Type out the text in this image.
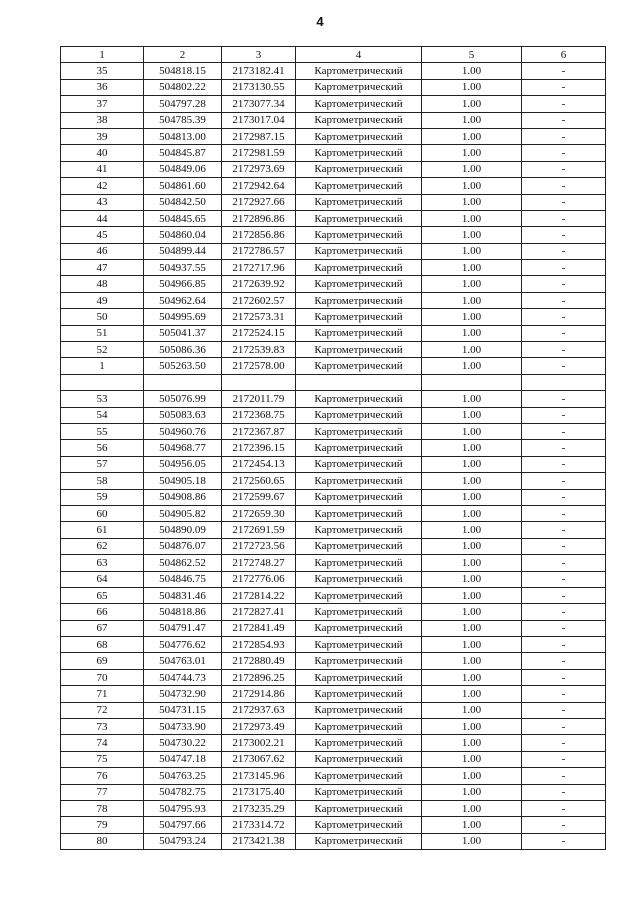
4
1	2	3	4	5	6
35	504818.15	2173182.41	Картометрический	1.00	-
36	504802.22	2173130.55	Картометрический	1.00	-
37	504797.28	2173077.34	Картометрический	1.00	-
38	504785.39	2173017.04	Картометрический	1.00	-
39	504813.00	2172987.15	Картометрический	1.00	-
40	504845.87	2172981.59	Картометрический	1.00	-
41	504849.06	2172973.69	Картометрический	1.00	-
42	504861.60	2172942.64	Картометрический	1.00	-
43	504842.50	2172927.66	Картометрический	1.00	-
44	504845.65	2172896.86	Картометрический	1.00	-
45	504860.04	2172856.86	Картометрический	1.00	-
46	504899.44	2172786.57	Картометрический	1.00	-
47	504937.55	2172717.96	Картометрический	1.00	-
48	504966.85	2172639.92	Картометрический	1.00	-
49	504962.64	2172602.57	Картометрический	1.00	-
50	504995.69	2172573.31	Картометрический	1.00	-
51	505041.37	2172524.15	Картометрический	1.00	-
52	505086.36	2172539.83	Картометрический	1.00	-
1	505263.50	2172578.00	Картометрический	1.00	-

53	505076.99	2172011.79	Картометрический	1.00	-
54	505083.63	2172368.75	Картометрический	1.00	-
55	504960.76	2172367.87	Картометрический	1.00	-
56	504968.77	2172396.15	Картометрический	1.00	-
57	504956.05	2172454.13	Картометрический	1.00	-
58	504905.18	2172560.65	Картометрический	1.00	-
59	504908.86	2172599.67	Картометрический	1.00	-
60	504905.82	2172659.30	Картометрический	1.00	-
61	504890.09	2172691.59	Картометрический	1.00	-
62	504876.07	2172723.56	Картометрический	1.00	-
63	504862.52	2172748.27	Картометрический	1.00	-
64	504846.75	2172776.06	Картометрический	1.00	-
65	504831.46	2172814.22	Картометрический	1.00	-
66	504818.86	2172827.41	Картометрический	1.00	-
67	504791.47	2172841.49	Картометрический	1.00	-
68	504776.62	2172854.93	Картометрический	1.00	-
69	504763.01	2172880.49	Картометрический	1.00	-
70	504744.73	2172896.25	Картометрический	1.00	-
71	504732.90	2172914.86	Картометрический	1.00	-
72	504731.15	2172937.63	Картометрический	1.00	-
73	504733.90	2172973.49	Картометрический	1.00	-
74	504730.22	2173002.21	Картометрический	1.00	-
75	504747.18	2173067.62	Картометрический	1.00	-
76	504763.25	2173145.96	Картометрический	1.00	-
77	504782.75	2173175.40	Картометрический	1.00	-
78	504795.93	2173235.29	Картометрический	1.00	-
79	504797.66	2173314.72	Картометрический	1.00	-
80	504793.24	2173421.38	Картометрический	1.00	-
